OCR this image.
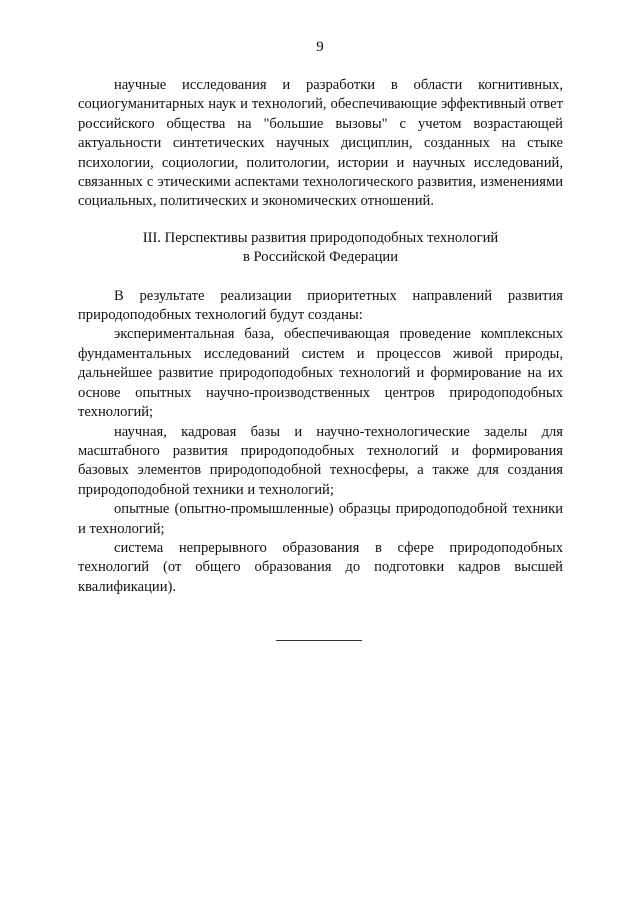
9

научные исследования и разработки в области когнитивных, социогуманитарных наук и технологий, обеспечивающие эффективный ответ российского общества на "большие вызовы" с учетом возрастающей актуальности синтетических научных дисциплин, созданных на стыке психологии, социологии, политологии, истории и научных исследований, связанных с этическими аспектами технологического развития, изменениями социальных, политических и экономических отношений.

III. Перспективы развития природоподобных технологий
в Российской Федерации

В результате реализации приоритетных направлений развития природоподобных технологий будут созданы:

экспериментальная база, обеспечивающая проведение комплексных фундаментальных исследований систем и процессов живой природы, дальнейшее развитие природоподобных технологий и формирование на их основе опытных научно-производственных центров природоподобных технологий;

научная, кадровая базы и научно-технологические заделы для масштабного развития природоподобных технологий и формирования базовых элементов природоподобной техносферы, а также для создания природоподобной техники и технологий;

опытные (опытно-промышленные) образцы природоподобной техники и технологий;

система непрерывного образования в сфере природоподобных технологий (от общего образования до подготовки кадров высшей квалификации).
